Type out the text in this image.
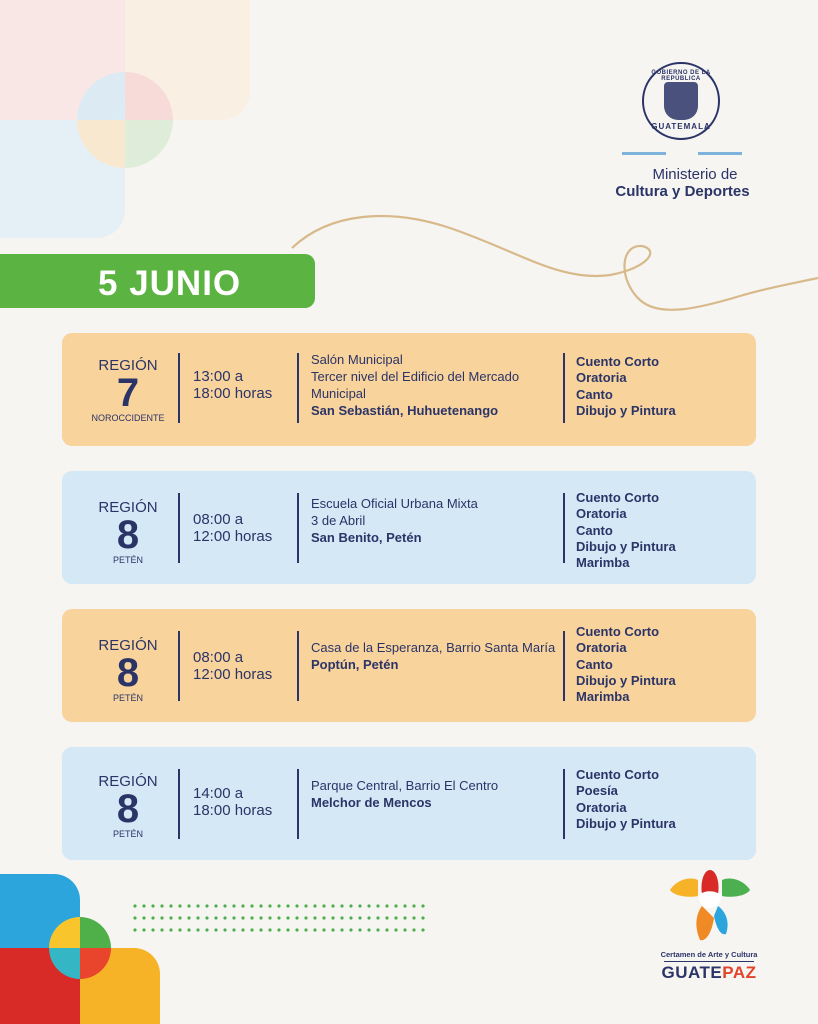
GOBIERNO DE LA REPÚBLICA
GUATEMALA
Ministerio de
Cultura y Deportes
5 JUNIO
REGIÓN
7
NOROCCIDENTE
13:00 a
18:00 horas
Salón Municipal
Tercer nivel del Edificio del Mercado
Municipal
San Sebastián, Huhuetenango
Cuento Corto
Oratoria
Canto
Dibujo y Pintura
REGIÓN
8
PETÉN
08:00 a
12:00 horas
Escuela Oficial Urbana Mixta
3 de Abril
San Benito, Petén
Cuento Corto
Oratoria
Canto
Dibujo y Pintura
Marimba
REGIÓN
8
PETÉN
08:00 a
12:00 horas
Casa de la Esperanza, Barrio Santa María
Poptún, Petén
Cuento Corto
Oratoria
Canto
Dibujo y Pintura
Marimba
REGIÓN
8
PETÉN
14:00 a
18:00 horas
Parque Central, Barrio El Centro
Melchor de Mencos
Cuento Corto
Poesía
Oratoria
Dibujo y Pintura
Certamen de Arte y Cultura
GUATEPAZ
